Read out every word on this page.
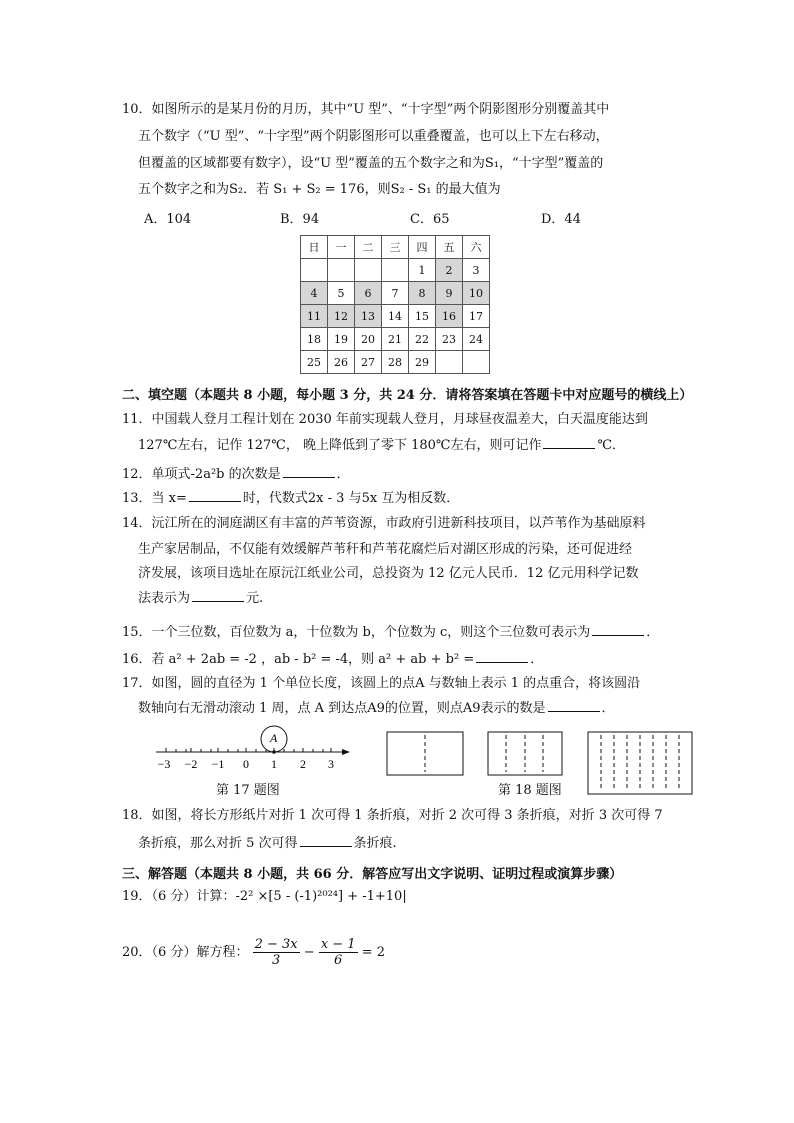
10．如图所示的是某月份的月历，其中“U 型”、“十字型”两个阴影图形分别覆盖其中
五个数字（“U 型”、“十字型”两个阴影图形可以重叠覆盖，也可以上下左右移动，
但覆盖的区域都要有数字），设“U 型”覆盖的五个数字之和为S₁，“十字型”覆盖的
五个数字之和为S₂．若 S₁ + S₂ = 176，则S₂ - S₁ 的最大值为
A．104	B．94	C．65	D．44
日	一	二	三	四	五	六
				1	2	3
4	5	6	7	8	9	10
11	12	13	14	15	16	17
18	19	20	21	22	23	24
25	26	27	28	29		
二、填空题（本题共 8 小题，每小题 3 分，共 24 分．请将答案填在答题卡中对应题号的横线上）
11．中国载人登月工程计划在 2030 年前实现载人登月，月球昼夜温差大，白天温度能达到
127℃左右，记作 127℃， 晚上降低到了零下 180℃左右，则可记作	℃．
12．单项式-2a²b 的次数是	．
13．当 x=	时，代数式2x - 3 与5x 互为相反数．
14．沅江所在的洞庭湖区有丰富的芦苇资源，市政府引进新科技项目，以芦苇作为基础原料
生产家居制品，不仅能有效缓解芦苇秆和芦苇花腐烂后对湖区形成的污染，还可促进经
济发展，该项目选址在原沅江纸业公司，总投资为 12 亿元人民币．12 亿元用科学记数
法表示为	元.
15．一个三位数，百位数为 a，十位数为 b，个位数为 c，则这个三位数可表示为	．
16．若 a² + 2ab = -2 ，ab - b² = -4，则 a² + ab + b² =	．
17．如图，圆的直径为 1 个单位长度，该圆上的点A 与数轴上表示 1 的点重合，将该圆沿
数轴向右无滑动滚动 1 周，点 A 到达点A9的位置，则点A9表示的数是	．
A
−3 −2 −1 0 1 2 3
第 17 题图	第 18 题图
18．如图，将长方形纸片对折 1 次可得 1 条折痕，对折 2 次可得 3 条折痕，对折 3 次可得 7
条折痕，那么对折 5 次可得	条折痕.
三、解答题（本题共 8 小题，共 66 分．解答应写出文字说明、证明过程或演算步骤）
19．（6 分）计算：-2² ×[5 - (-1)²⁰²⁴] + -1+10|
20．（6 分）解方程： $\frac{2 - 3x}{3} - \frac{x - 1}{6} = 2$
